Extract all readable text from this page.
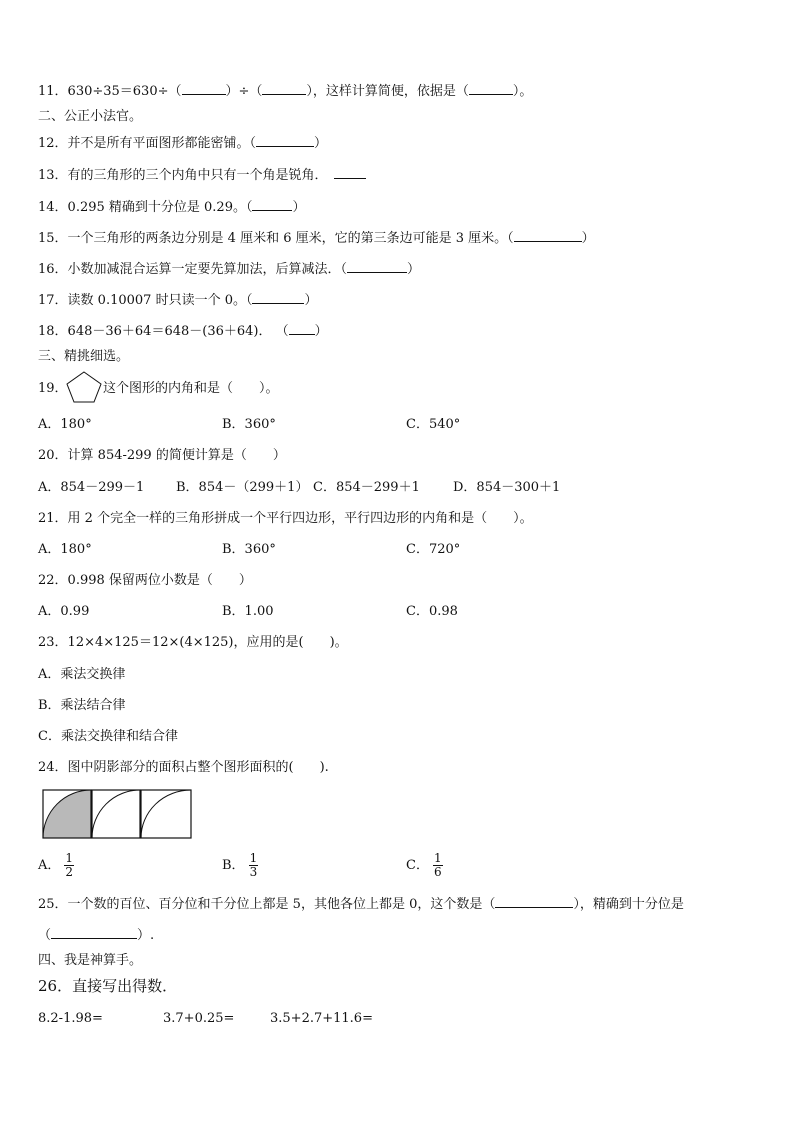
11．630÷35＝630÷（	）÷（	），这样计算简便，依据是（	）。
二、公正小法官。
12．并不是所有平面图形都能密铺。（	）
13．有的三角形的三个内角中只有一个角是锐角．
14．0.295 精确到十分位是 0.29。（	）
15．一个三角形的两条边分别是 4 厘米和 6 厘米，它的第三条边可能是 3 厘米。（	）
16．小数加减混合运算一定要先算加法，后算减法．（	）
17．读数 0.10007 时只读一个 0。（	）
18．648－36＋64＝648－(36＋64)． （ ）
三、精挑细选。
19．	这个图形的内角和是（　　）。
A．180°	B．360°	C．540°
20．计算 854-299 的简便计算是（　　）
A．854－299－1 B．854－（299＋1） C．854－299＋1	D．854－300＋1
21．用 2 个完全一样的三角形拼成一个平行四边形，平行四边形的内角和是（　　）。
A．180°	B．360°	C．720°
22．0.998 保留两位小数是（　　）
A．0.99	B．1.00	C．0.98
23．12×4×125＝12×(4×125)，应用的是(　　)。
A．乘法交换律
B．乘法结合律
C．乘法交换律和结合律
24．图中阴影部分的面积占整个图形面积的(　　).
A． $\frac{1}{2}$	B． $\frac{1}{3}$	C． $\frac{1}{6}$
25．一个数的百位、百分位和千分位上都是 5，其他各位上都是 0，这个数是（	），精确到十分位是
（	）.
四、我是神算手。
26．直接写出得数．
8.2-1.98=	3.7+0.25=	3.5+2.7+11.6=
